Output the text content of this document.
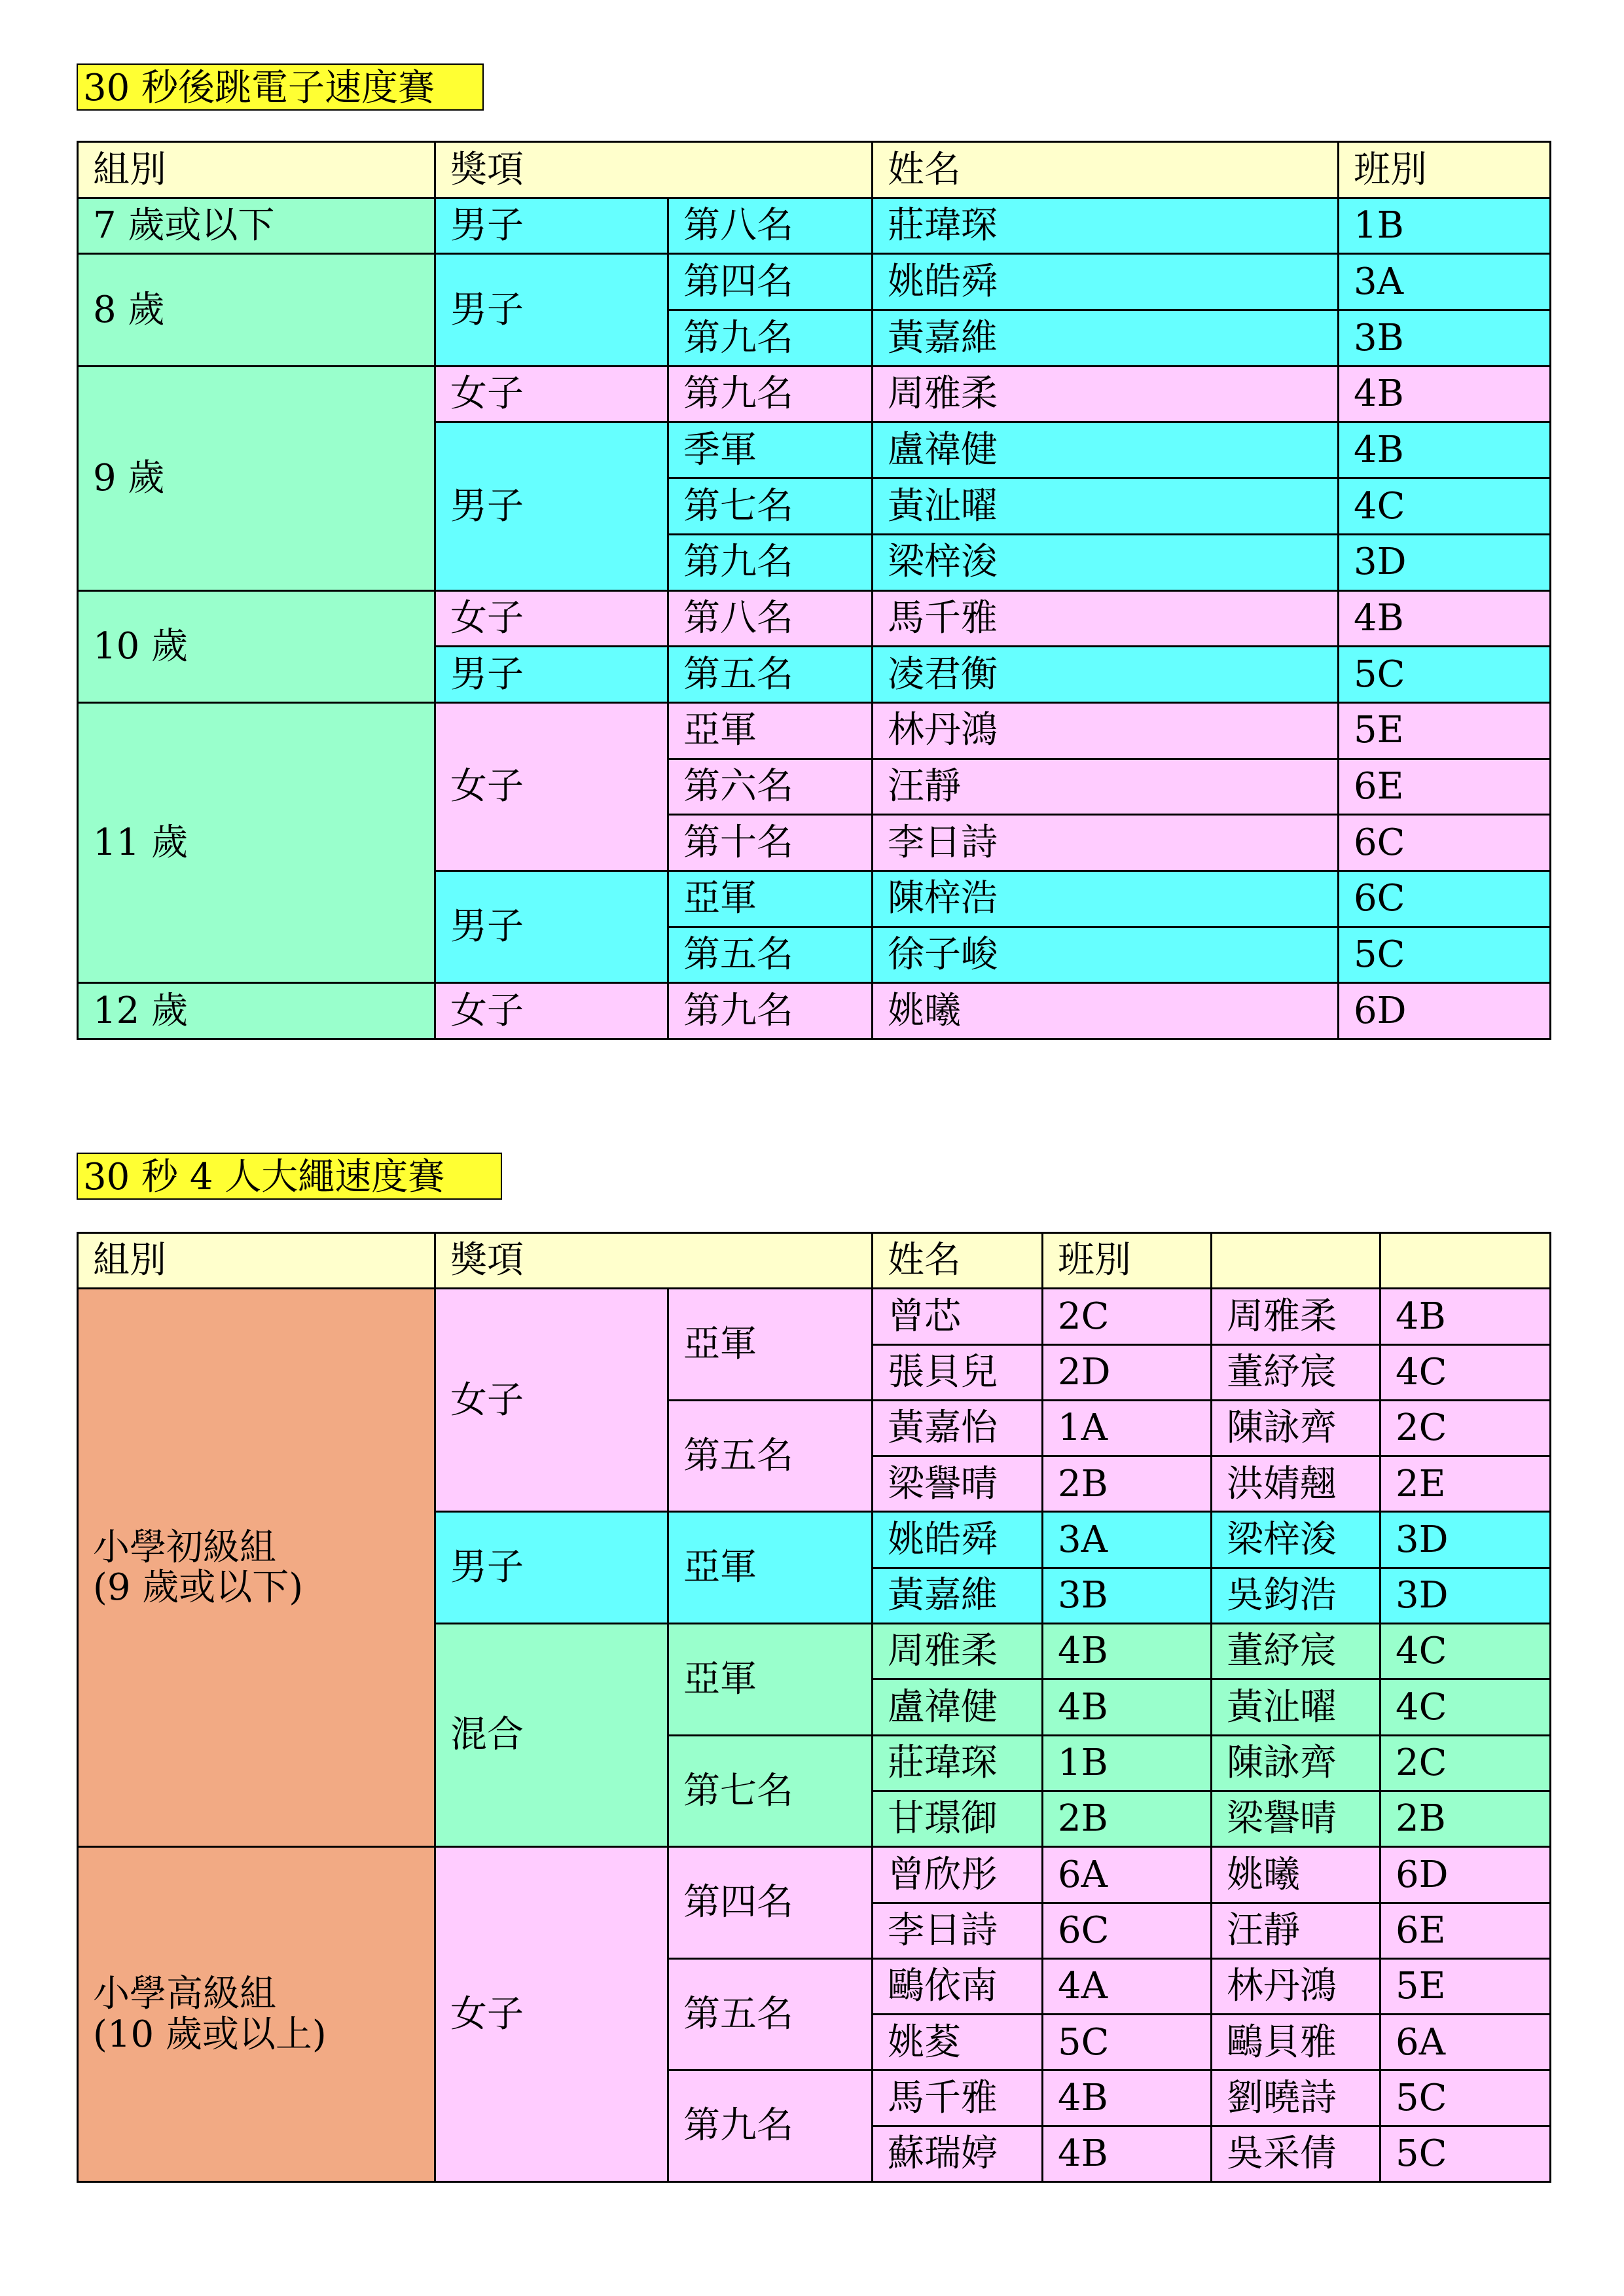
30 秒後跳電子速度賽
組別	獎項		姓名	班別
7 歲或以下	男子	第八名	莊瑋琛	1B
8 歲	男子	第四名	姚皓舜	3A
		第九名	黃嘉維	3B
9 歲	女子	第九名	周雅柔	4B
	男子	季軍	盧禕健	4B
		第七名	黃沚曜	4C
		第九名	梁梓浚	3D
10 歲	女子	第八名	馬千雅	4B
	男子	第五名	凌君衡	5C
11 歲	女子	亞軍	林丹鴻	5E
		第六名	汪靜	6E
		第十名	李日詩	6C
	男子	亞軍	陳梓浩	6C
		第五名	徐子峻	5C
12 歲	女子	第九名	姚曦	6D
30 秒 4 人大繩速度賽
組別	獎項		姓名	班別		

小學初級組
(9 歲或以下)	女子	亞軍	曾芯	2C	周雅柔	4B
			張貝兒	2D	董紓宸	4C
		第五名	黃嘉怡	1A	陳詠齊	2C
			梁譽晴	2B	洪婧翹	2E
	男子	亞軍	姚皓舜	3A	梁梓浚	3D
			黃嘉維	3B	吳鈞浩	3D
	混合	亞軍	周雅柔	4B	董紓宸	4C
			盧禕健	4B	黃沚曜	4C
		第七名	莊瑋琛	1B	陳詠齊	2C
			甘璟御	2B	梁譽晴	2B

小學高級組
(10 歲或以上)	女子	第四名	曾欣彤	6A	姚曦	6D
			李日詩	6C	汪靜	6E
		第五名	鷗依南	4A	林丹鴻	5E
			姚荾	5C	鷗貝雅	6A
		第九名	馬千雅	4B	劉曉詩	5C
			蘇瑞婷	4B	吳采倩	5C
